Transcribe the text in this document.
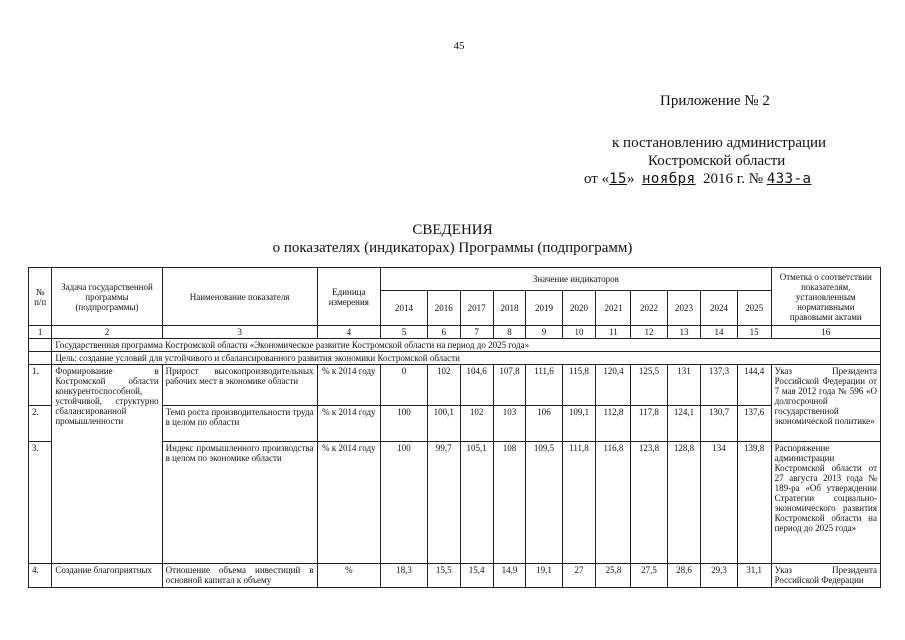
45
Приложение № 2
к постановлению администрации
Костромской области
от «15» ноября 2016 г. № 433-а
СВЕДЕНИЯ
о показателях (индикаторах) Программы (подпрограмм)
№ п/п	Задача государственной программы (подпрограммы)	Наименование показателя	Единица измерения	Значение индикаторов											Отметка о соответствии показателям, установленным нормативными правовыми актами
				2014	2016	2017	2018	2019	2020	2021	2022	2023	2024	2025	
1	2	3	4	5	6	7	8	9	10	11	12	13	14	15	16
	Государственная программа Костромской области «Экономическое развитие Костромской области на период до 2025 года»														
	Цель: создание условий для устойчивого и сбалансированного развития экономики Костромской области														
1.	Формирование в Костромской области конкурентоспособной, устойчивой, структурно сбалансированной промышленности	Прирост высокопроизводительных рабочих мест в экономике области	% к 2014 году	0	102	104,6	107,8	111,6	115,8	120,4	125,5	131	137,3	144,4	Указ Президента Российской Федерации от 7 мая 2012 года № 596 «О долгосрочной государственной экономической политике»
2.		Темп роста производительности труда в целом по области	% к 2014 году	100	100,1	102	103	106	109,1	112,8	117,8	124,1	130,7	137,6	
3.		Индекс промышленного производства в целом по экономике области	% к 2014 году	100	99,7	105,1	108	109,5	111,8	116,8	123,8	128,8	134	139,8	Распоряжение администрации Костромской области от 27 августа 2013 года № 189-ра «Об утверждении Стратегии социально-экономического развития Костромской области на период до 2025 года»
4.	Создание благоприятных	Отношение объема инвестиций в основной капитал к объему	%	18,3	15,5	15,4	14,9	19,1	27	25,8	27,5	28,6	29,3	31,1	Указ Президента Российской Федерации
